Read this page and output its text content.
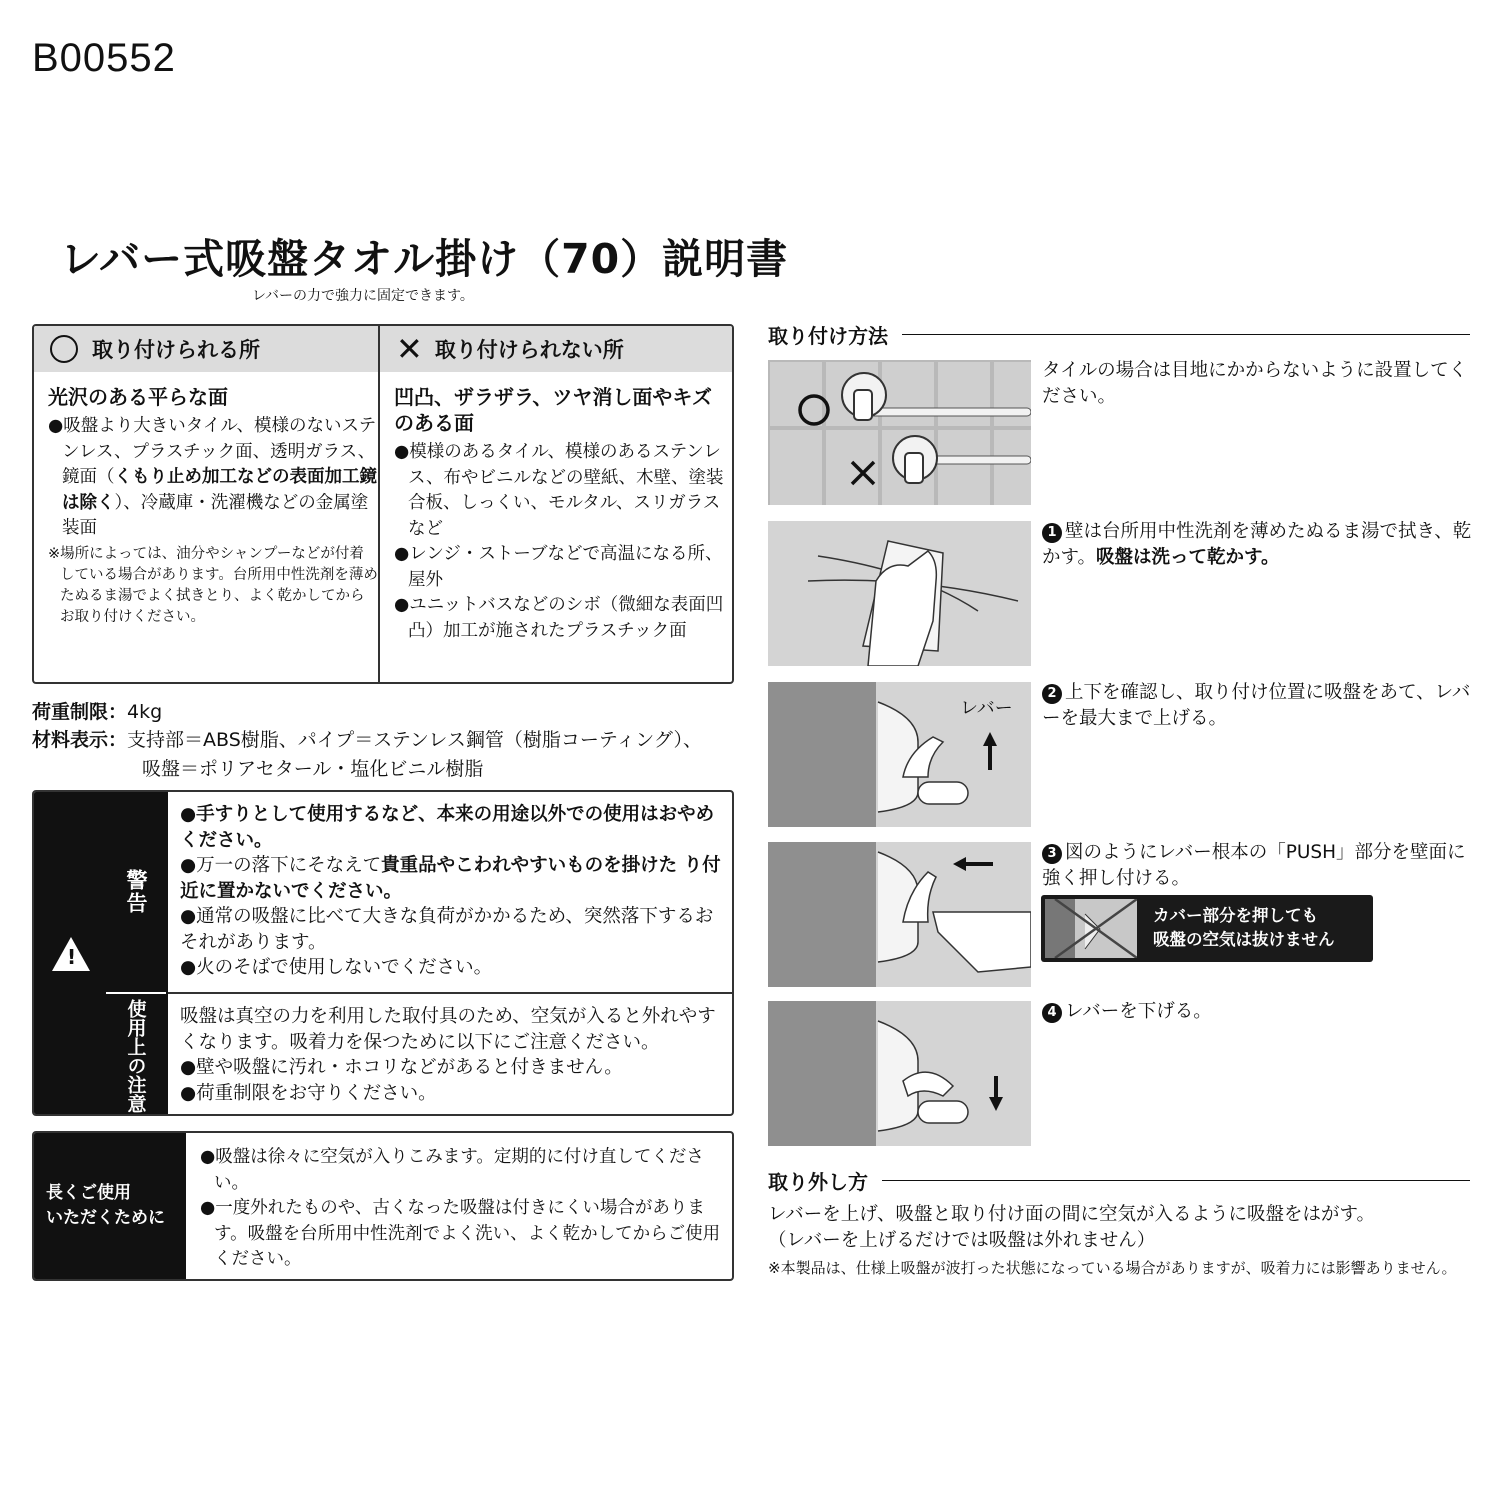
B00552
レバー式吸盤タオル掛け（70）説明書
レバーの力で強力に固定できます。
取り付けられる所
光沢のある平らな面
●吸盤より大きいタイル、模様のないステンレス、プラスチック面、透明ガラス、鏡面（くもり止め加工などの表面加工鏡は除く）、冷蔵庫・洗濯機などの金属塗装面
※場所によっては、油分やシャンプーなどが付着している場合があります。台所用中性洗剤を薄めたぬるま湯でよく拭きとり、よく乾かしてからお取り付けください。
✕ 取り付けられない所
凹凸、ザラザラ、ツヤ消し面やキズのある面
●模様のあるタイル、模様のあるステンレス、布やビニルなどの壁紙、木壁、塗装合板、しっくい、モルタル、スリガラスなど
●レンジ・ストーブなどで高温になる所、屋外
●ユニットバスなどのシボ（微細な表面凹凸）加工が施されたプラスチック面
荷重制限：4kg
材料表示：支持部＝ABS樹脂、パイプ＝ステンレス鋼管（樹脂コーティング）、
吸盤＝ポリアセタール・塩化ビニル樹脂
!
警告
使用上の注意
●手すりとして使用するなど、本来の用途以外での使用はおやめください。
●万一の落下にそなえて貴重品やこわれやすいものを掛けた り付近に置かないでください。
●通常の吸盤に比べて大きな負荷がかかるため、突然落下するおそれがあります。
●火のそばで使用しないでください。
吸盤は真空の力を利用した取付具のため、空気が入ると外れやすくなります。吸着力を保つために以下にご注意ください。
●壁や吸盤に汚れ・ホコリなどがあると付きません。
●荷重制限をお守りください。
長くご使用
いただくために
●吸盤は徐々に空気が入りこみます。定期的に付け直してください。
●一度外れたものや、古くなった吸盤は付きにくい場合があります。吸盤を台所用中性洗剤でよく洗い、よく乾かしてからご使用ください。
取り付け方法
タイルの場合は目地にかからないように設置してください。
1 壁は台所用中性洗剤を薄めたぬるま湯で拭き、乾かす。吸盤は洗って乾かす。
レバー
2 上下を確認し、取り付け位置に吸盤をあて、レバーを最大まで上げる。
3 図のようにレバー根本の「PUSH」部分を壁面に強く押し付ける。
カバー部分を押しても
吸盤の空気は抜けません
4 レバーを下げる。
取り外し方
レバーを上げ、吸盤と取り付け面の間に空気が入るように吸盤をはがす。
（レバーを上げるだけでは吸盤は外れません）
※本製品は、仕様上吸盤が波打った状態になっている場合がありますが、吸着力には影響ありません。
